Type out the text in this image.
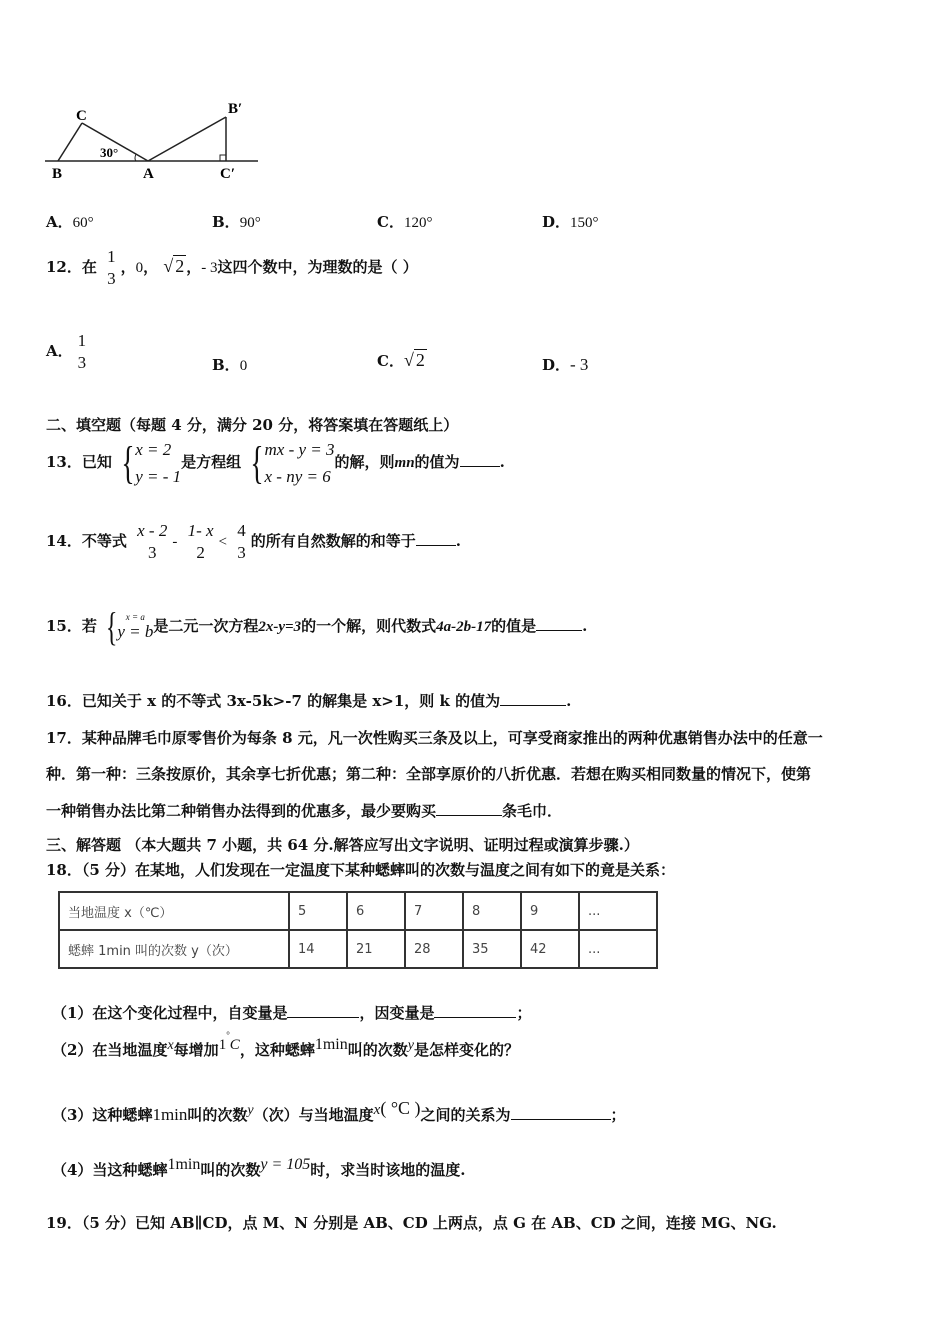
B
C
A
B′
C′
30°
A．60°	B．90°	C．120°	D．150°
12．在
1
3
，0， √ 2 ，- 3这四个数中，为理数的是（ ）
A．
1
3	B．0	C．√ 2	D．- 3
二、填空题（每题 4 分，满分 20 分，将答案填在答题纸上）
13．已知 { x = 2
y = - 1
是方程组 { mx - y = 3
x - ny = 6
的解，则mn的值为	.
14．不等式
x - 2
3
-
1- x
2
<
4
3
的所有自然数解的和等于	.
15．若 { x = a
y = b 是二元一次方程2x-y=3的一个解，则代数式4a-2b-17的值是	.
16．已知关于 x 的不等式 3x-5k>-7 的解集是 x>1，则 k 的值为	.
17．某种品牌毛巾原零售价为每条 8 元，凡一次性购买三条及以上，可享受商家推出的两种优惠销售办法中的任意一
种．第一种：三条按原价，其余享七折优惠；第二种：全部享原价的八折优惠．若想在购买相同数量的情况下，使第
一种销售办法比第二种销售办法得到的优惠多，最少要购买	条毛巾．
三、解答题 （本大题共 7 小题，共 64 分.解答应写出文字说明、证明过程或演算步骤.）
18．（5 分）在某地，人们发现在一定温度下某种蟋蟀叫的次数与温度之间有如下的竟是关系：
当地温度 x（℃）	5	6	7	8	9	...
蟋蟀 1min 叫的次数 y（次）	14	21	28	35	42	...
（1）在这个变化过程中，自变量是	，因变量是	；
（2）在当地温度$^x$每增加$^{1^\circ C}$，这种蟋蟀$^{1min}$叫的次数$^y$是怎样变化的？
（3）这种蟋蟀1min叫的次数$^y$（次）与当地温度$^{x( ^\circ C )}$之间的关系为	；
（4）当这种蟋蟀$^{1min}$叫的次数$^{y = 105}$时，求当时该地的温度.
19．（5 分）已知 AB∥CD，点 M、N 分别是 AB、CD 上两点，点 G 在 AB、CD 之间，连接 MG、NG.
